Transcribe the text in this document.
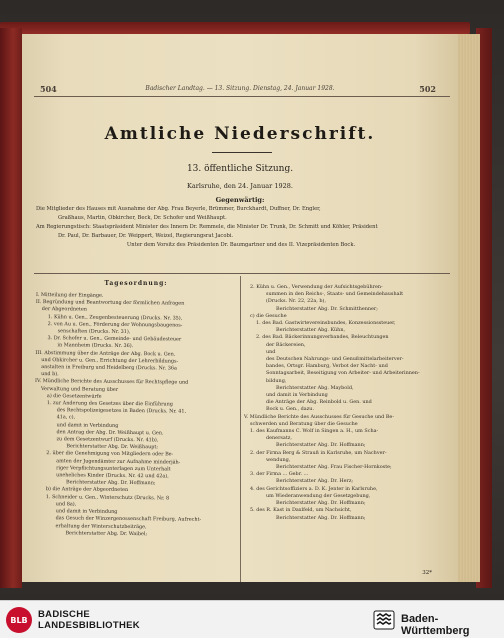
504	Badischer Landtag. — 13. Sitzung. Dienstag, 24. Januar 1928.	502
Amtliche Niederschrift.
13. öffentliche Sitzung.
Karlsruhe, den 24. Januar 1928.
Gegenwärtig:

Die Mitglieder des Hauses mit Ausnahme der Abg. Frau Beyerle, Brümmer, Burckhardt, Duffner, Dr. Engler,

Graßhaus, Martin, Obkircher, Beck, Dr. Schofer und Weißhaupt.

Am Regierungstisch: Staatspräsident Minister des Innern Dr. Remmele, die Minister Dr. Trunk, Dr. Schmitt und Köhler, Präsident

Dr. Paul, Dr. Barbauer, Dr. Weippert, Weizel, Regierungsrat Jacobi.

Unter dem Vorsitz des Präsidenten Dr. Baumgartner und des II. Vizepräsidenten Bock.

Tagesordnung:

I. Mitteilung der Eingänge.

II. Begründung und Beantwortung der förmlichen Anfragen

der Abgeordneten

1. Kühn u. Gen., Zeugenbesteuerung (Drucks. Nr. 35),

2. von Au u. Gen., Förderung der Wohnungsbaugenos-

senschaften (Drucks. Nr. 31),

3. Dr. Schofer u. Gen., Gemeinde- und Gebäudesteuer

in Mannheim (Drucks. Nr. 36).

III. Abstimmung über die Anträge der Abg. Bock u. Gen.

und Obkircher u. Gen., Errichtung der Lehrerbildungs-

anstalten in Freiburg und Heidelberg (Drucks. Nr. 36a

und b).

IV. Mündliche Berichte des Ausschusses für Rechtspflege und

Verwaltung und Beratung über

a) die Gesetzentwürfe

1. zur Änderung des Gesetzes über die Einführung

des Rechtspolizeigesetzes in Baden (Drucks. Nr. 41,

41a, c),

und damit in Verbindung

den Antrag der Abg. Dr. Weißhaupt u. Gen.

zu dem Gesetzentwurf (Drucks. Nr. 41b),

Berichterstatter Abg. Dr. Weißhaupt;

2. über die Genehmigung von Mitgliedern oder Be-

amten der Jugendämter zur Aufnahme minderjäh-

riger Verpflichtungsunterlagen zum Unterhalt

uneheliches Kinder (Drucks. Nr. 42 und 42a),

Berichterstatter Abg. Dr. Hoffmann;

b) die Anträge der Abgeordneten

1. Schneider u. Gen., Winterschutz (Drucks. Nr. 8

und 8a),

und damit in Verbindung

das Gesuch der Winzergenossenschaft Freiburg, Aufrecht-

erhaltung der Winterschutzbeiträge,

Berichterstatter Abg. Dr. Waibel;

2. Kühn u. Gen., Verwendung der Aufsichtsgebühren-

summen in den Reichs-, Staats- und Gemeindehaushalt

(Drucks. Nr. 22, 22a, b),

Berichterstatter Abg. Dr. Schmitthenner;

c) die Gesuche

1. des Bad. Gastwirtevereinsbundes, Konzessionssteuer,

Berichterstatter Abg. Kühn,

2. des Bad. Bäckerinnungsverbandes, Beleuchtungen

der Bäckereien,

und

des Deutschen Nahrungs- und Genußmittelarbeiterver-

bandes, Ortsgr. Hamburg, Verbot der Nacht- und

Sonntagsarbeit, Beseitigung von Arbeiter- und Arbeiterinnen-

bildung,

Berichterstatter Abg. Maybold,

und damit in Verbindung

die Anträge der Abg. Reinbold u. Gen. und

Bock u. Gen., dazu.

V. Mündliche Berichte des Ausschusses für Gesuche und Be-

schwerden und Beratung über die Gesuche

1. des Kaufmanns C. Wolf in Singen a. H., um Scha-

denersatz,

Berichterstatter Abg. Dr. Hoffmann;

2. der Firma Berg & Strauß in Karlsruhe, um Nachver-

wendung,

Berichterstatter Abg. Frau Fischer-Hornkoste;

3. der Firma ... Gebr. ...

Berichterstatter Abg. Dr. Herz;

4. des Gerichtsoffiziers a. D. K. Jenter in Karlsruhe,

um Wiederanwendung der Gesetzgebung,

Berichterstatter Abg. Dr. Hoffmann;

5. des R. Kast in Daxlfeld, um Nachsicht,

Berichterstatter Abg. Dr. Hoffmann;

32*
BLB BADISCHE
LANDESBIBLIOTHEK
Baden-Württemberg
